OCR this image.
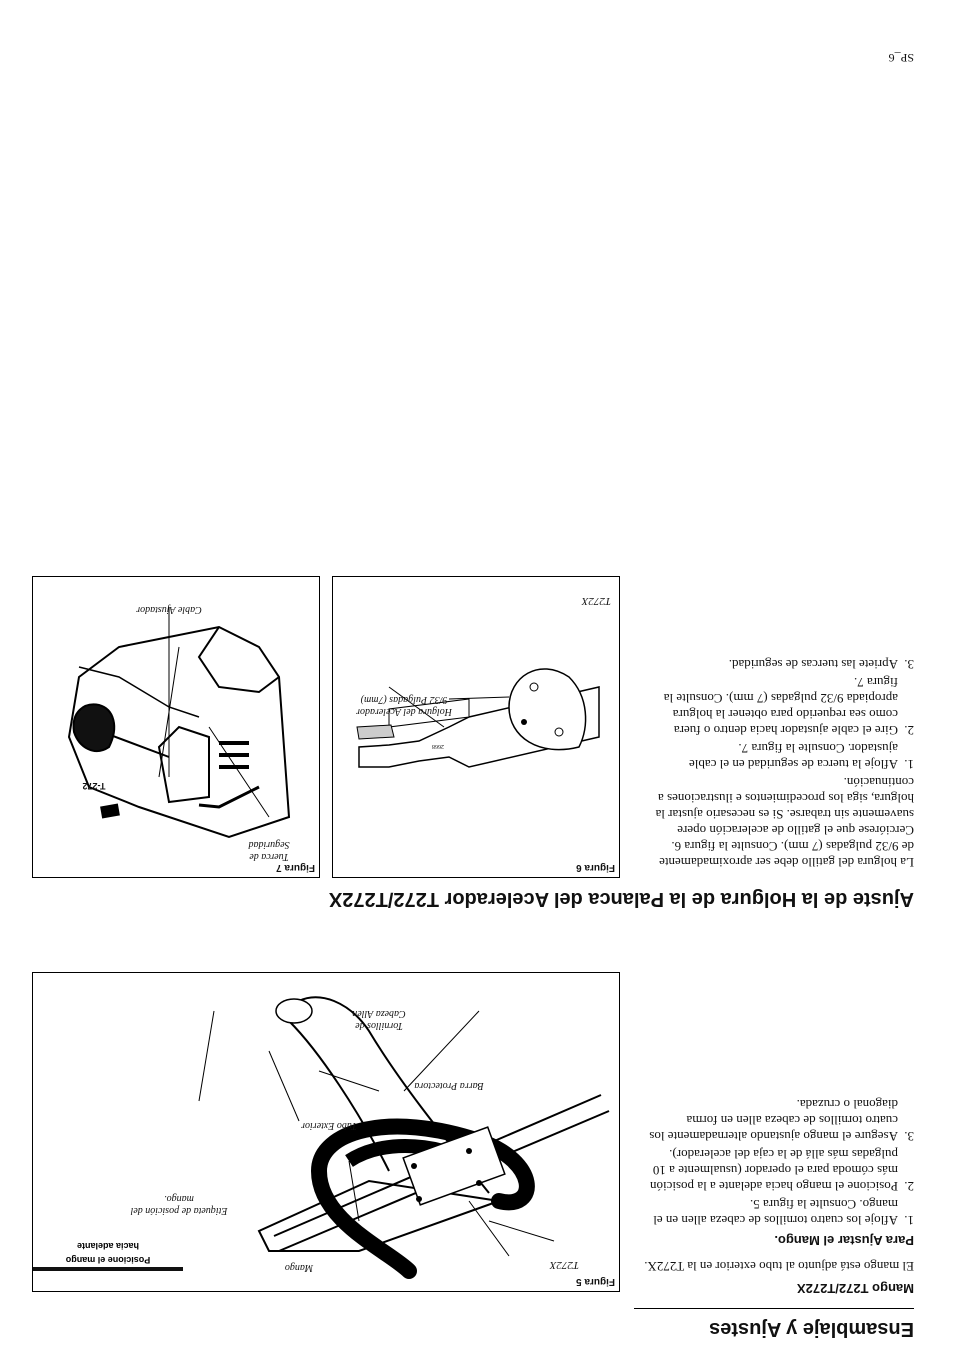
Ensamblaje y Ajustes
Mango T272/T272X

El mango está adjunto al tubo exterior en la T272X.

Para Ajustar el Mango.
1.
Afloje los cuatro tornillos de cabeza allen en el mango. Consulte la figura 5.
2.
Posicione el mango hacia adelante a la posición más cómoda para el operador (usualmente a 10 pulgadas más allá de la caja del acelerador).
3.
Asegure el mango ajustando alternadamente los cuatro tornillos de cabeza allen en forma diagonal o cruzada.
Figura 5
T272X
Barra Protectora
Tubo Exterior
Etiqueta de posición del mango.
Tornillos de Cabeza Allen
Mango
Posicione el mango
hacia adelante
Ajuste de la Holgura de la Palanca del Acelerador T272/T272X

La holgura del gatillo debe ser aproximadamente de 9/32 pulgadas (7 mm). Consulte la figura 6. Cerciórese que el gatillo de aceleración opere suavemente sin trabarse. Si es necesario ajustar la holgura, siga los procedimientos e ilustraciones a continuación.

1.
Afloje la tuerca de seguridad en el cable ajustador. Consulte la figura 7.
2.
Gire el cable ajustador hacia dentro o fuera como sea requerido para obtener la holgura apropiada 9/32 pulgadas (7 mm). Consulte la figura 7.
3.
Apriete las tuercas de seguridad.
Figura 6
T272X
Holgura del Acelerador 9/32 Pulgadas (7mm)
2668
Figura 7
Cable Ajustador
Tuerca de Seguridad
T-272
SP_6
